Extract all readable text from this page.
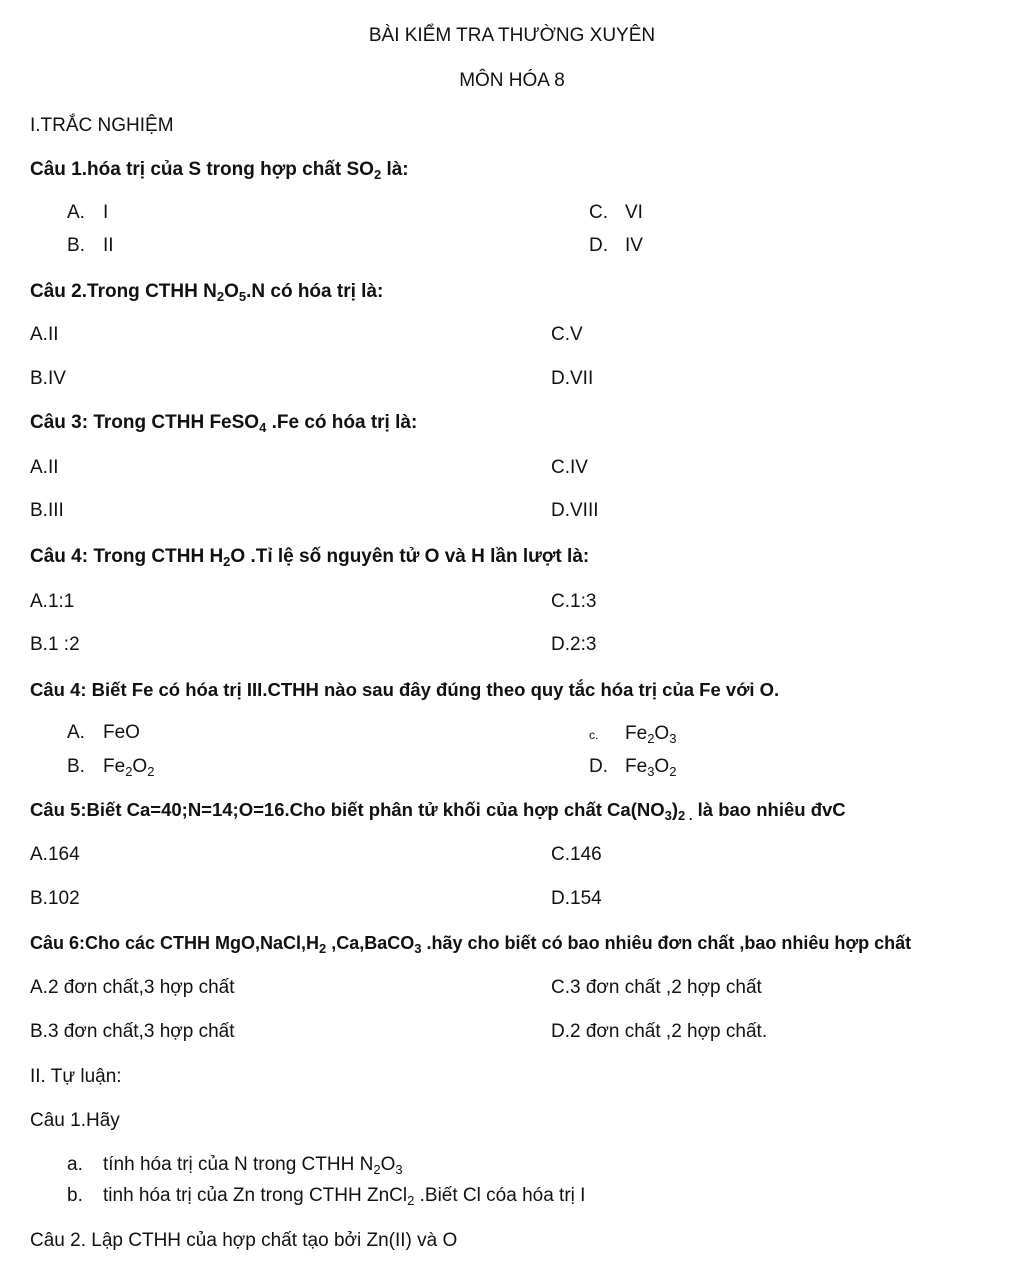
BÀI KIỂM TRA THƯỜNG XUYÊN
MÔN HÓA 8
I.TRẮC NGHIỆM
Câu 1.hóa trị của S trong hợp chất $SO_2$ là:
A. I
B. II
C. VI
D. IV
Câu 2.Trong CTHH $N_2O_5.N$ có hóa trị là:
A.II	C.V
B.IV	D.VII
Câu 3: Trong CTHH FeSO$_4$ .Fe có hóa trị là:
A.II	C.IV
B.III	D.VIII
Câu 4: Trong CTHH $H_2O$ .Tỉ lệ số nguyên tử O và H lần lượt là:
A.1:1	C.1:3
B.1 :2	D.2:3
Câu 4: Biết Fe có hóa trị III.CTHH nào sau đây đúng theo quy tắc hóa trị của Fe với O.
A. FeO
B. $Fe_2O_2$
c. $Fe_2O_3$
D. $Fe_3O_2$
Câu 5:Biết Ca=40;N=14;O=16.Cho biết phân tử khối của hợp chất $Ca(NO_3)_{2 .}$ là bao nhiêu đvC
A.164	C.146
B.102	D.154
Câu 6:Cho các CTHH $MgO,NaCl,H_2$ ,Ca,BaCO$_3$ .hãy cho biết có bao nhiêu đơn chất ,bao nhiêu hợp chất
A.2 đơn chất,3 hợp chất	C.3 đơn chất ,2 hợp chất
B.3 đơn chất,3 hợp chất	D.2 đơn chất ,2 hợp chất.
II. Tự luận:
Câu 1.Hãy
a. tính hóa trị của N trong CTHH $N_2O_3$
b. tinh hóa trị của Zn trong CTHH ZnCl$_2$ .Biết Cl cóa hóa trị I
Câu 2. Lập CTHH của hợp chất tạo bởi Zn(II) và O
